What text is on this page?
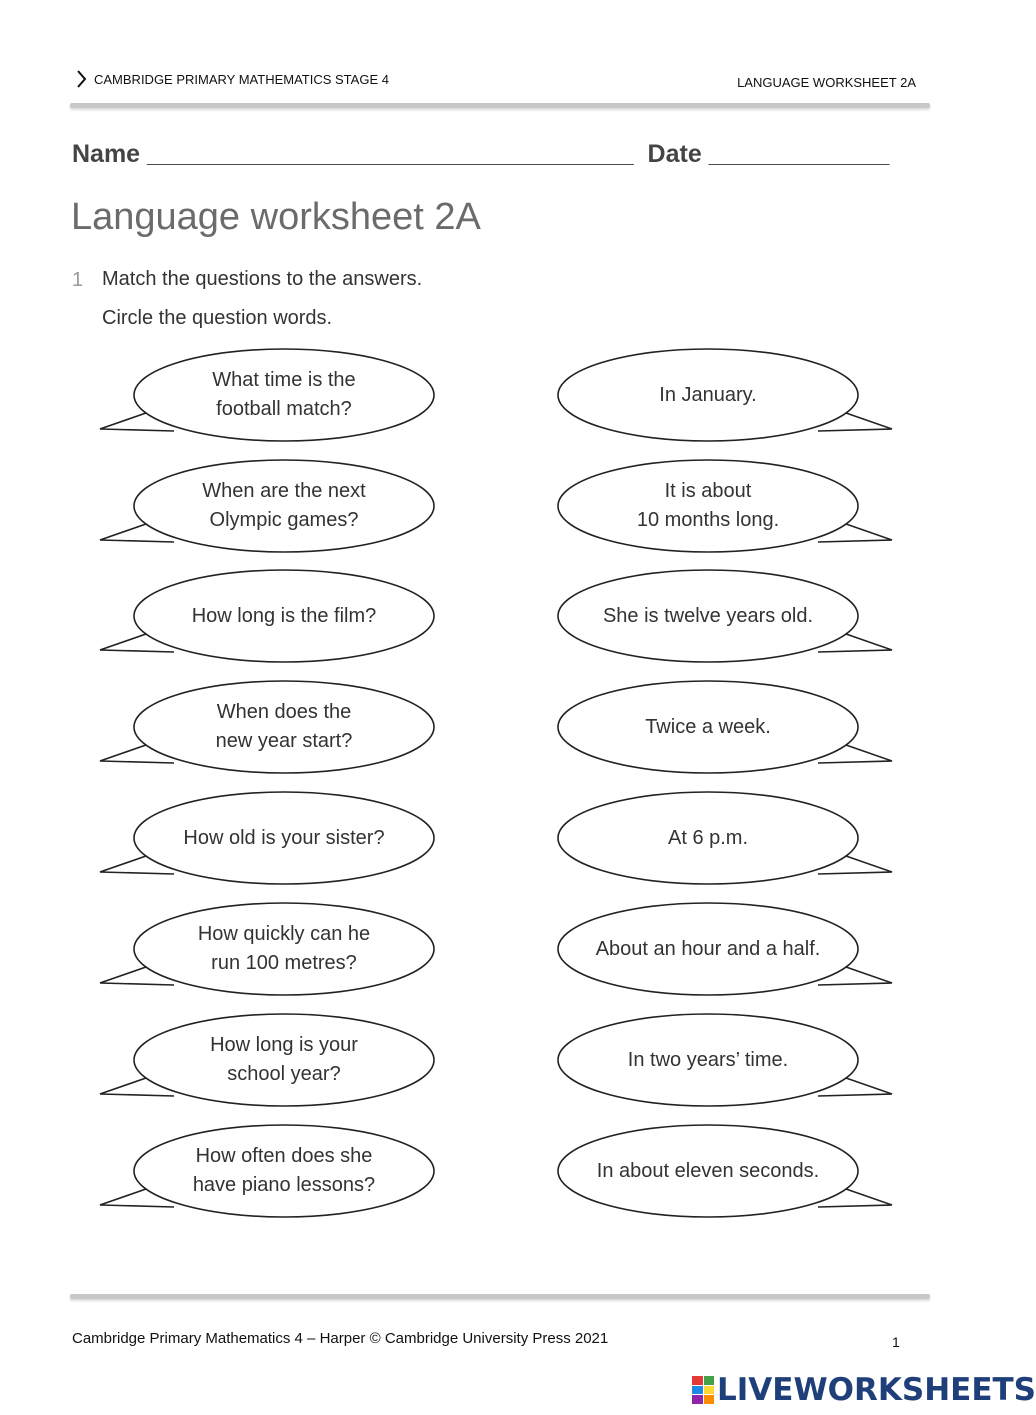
CAMBRIDGE PRIMARY MATHEMATICS STAGE 4	LANGUAGE WORKSHEET 2A
Name ___________________________________  Date _____________
Language worksheet 2A
1 Match the questions to the answers.
Circle the question words.
What time is the
football match?
When are the next
Olympic games?
How long is the film?
When does the
new year start?
How old is your sister?
How quickly can he
run 100 metres?
How long is your
school year?
How often does she
have piano lessons?
In January.
It is about
10 months long.
She is twelve years old.
Twice a week.
At 6 p.m.
About an hour and a half.
In two years’ time.
In about eleven seconds.
Cambridge Primary Mathematics 4 – Harper © Cambridge University Press 2021	1
LIVEWORKSHEETS
